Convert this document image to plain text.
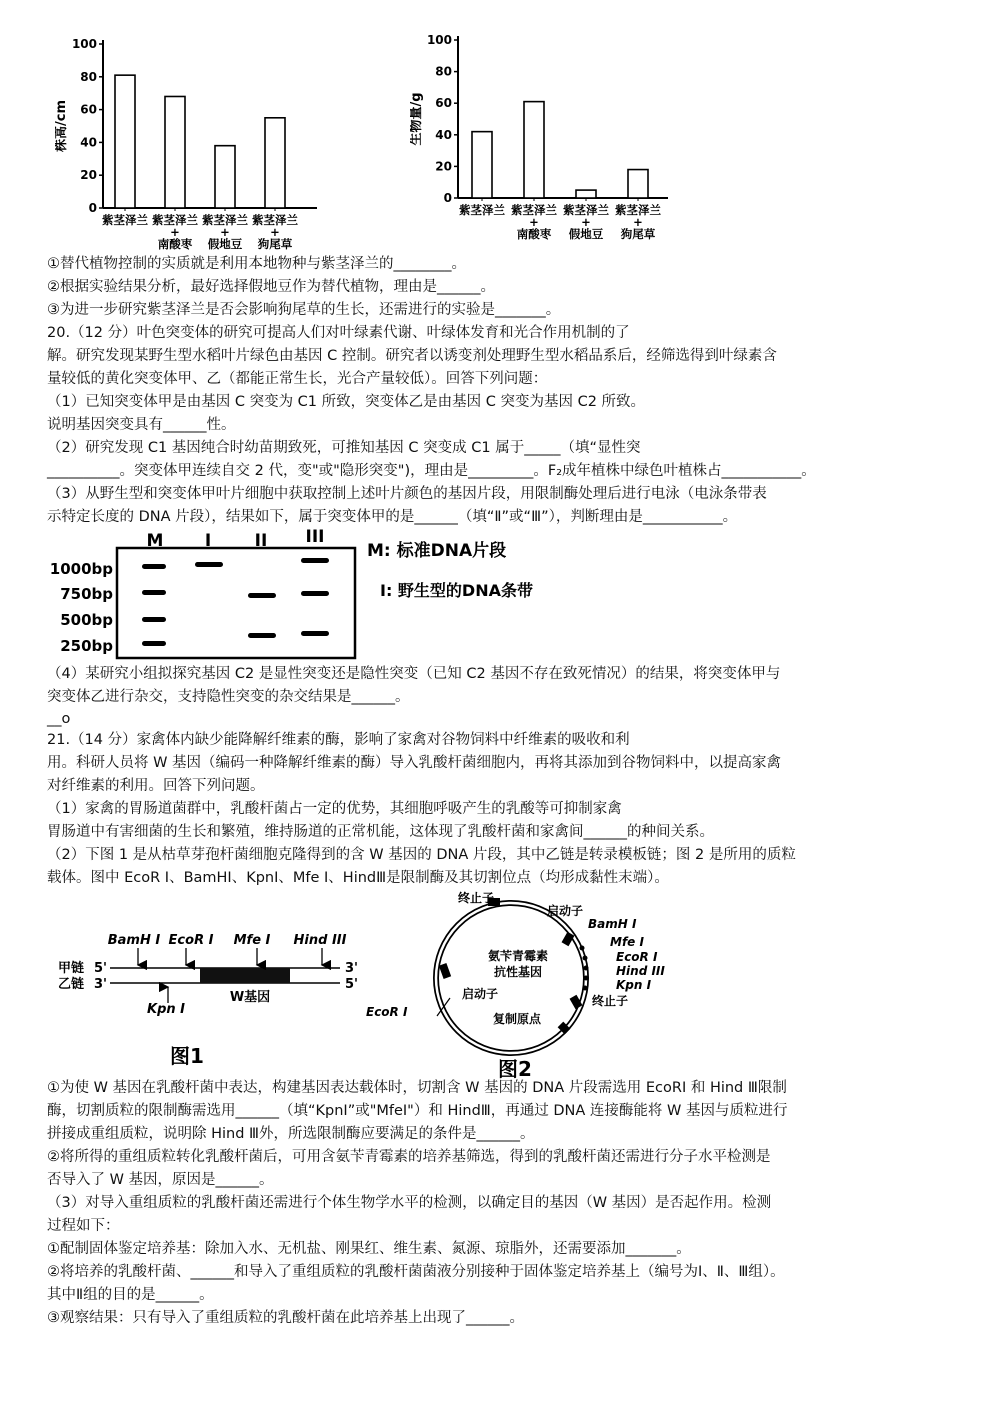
0
20
40
60
80
100
株高/cm
紫茎泽兰 紫茎泽兰
+
南酸枣
紫茎泽兰
+
假地豆
紫茎泽兰
+
狗尾草
0
20
40
60
80
100
生物量/g
紫茎泽兰 紫茎泽兰
+
南酸枣
紫茎泽兰
+
假地豆
紫茎泽兰
+
狗尾草
①替代植物控制的实质就是利用本地物种与紫茎泽兰的________。
②根据实验结果分析，最好选择假地豆作为替代植物，理由是______。
③为进一步研究紫茎泽兰是否会影响狗尾草的生长，还需进行的实验是_______。
20.（12 分）叶色突变体的研究可提高人们对叶绿素代谢、叶绿体发育和光合作用机制的了
解。研究发现某野生型水稻叶片绿色由基因 C 控制。研究者以诱变剂处理野生型水稻品系后，经筛选得到叶绿素含
量较低的黄化突变体甲、乙（都能正常生长，光合产量较低）。回答下列问题：
（1）已知突变体甲是由基因 C 突变为 C1 所致，突变体乙是由基因 C 突变为基因 C2 所致。
说明基因突变具有______性。
（2）研究发现 C1 基因纯合时幼苗期致死，可推知基因 C 突变成 C1 属于_____（填“显性突
__________。突变体甲连续自交 2 代，变"或"隐形突变")，理由是_________。F₂成年植株中绿色叶植株占___________。
（3）从野生型和突变体甲叶片细胞中获取控制上述叶片颜色的基因片段，用限制酶处理后进行电泳（电泳条带表
示特定长度的 DNA 片段），结果如下，属于突变体甲的是______（填“Ⅱ”或“Ⅲ”），判断理由是___________。
M I	II III
1000bp
750bp
500bp
250bp
M: 标准DNA片段
I: 野生型的DNA条带
（4）某研究小组拟探究基因 C2 是显性突变还是隐性突变（已知 C2 基因不存在致死情况）的结果，将突变体甲与
突变体乙进行杂交，支持隐性突变的杂交结果是______。
__o
21.（14 分）家禽体内缺少能降解纤维素的酶，影响了家禽对谷物饲料中纤维素的吸收和利
用。科研人员将 W 基因（编码一种降解纤维素的酶）导入乳酸杆菌细胞内，再将其添加到谷物饲料中，以提高家禽
对纤维素的利用。回答下列问题。
（1）家禽的胃肠道菌群中，乳酸杆菌占一定的优势，其细胞呼吸产生的乳酸等可抑制家禽
胃肠道中有害细菌的生长和繁殖，维持肠道的正常机能，这体现了乳酸杆菌和家禽间______的种间关系。
（2）下图 1 是从枯草芽孢杆菌细胞克隆得到的含 W 基因的 DNA 片段，其中乙链是转录模板链；图 2 是所用的质粒
载体。图中 EcoR I、BamHI、KpnI、Mfe I、HindⅢ是限制酶及其切割位点（均形成黏性末端）。
甲链
乙链
5'
3'
3'
5'
BamH I EcoR I Mfe I Hind III
Kpn I
W基因
图1
终止子
启动子
氨苄青霉素
抗性基因
启动子
BamH I
Mfe I
EcoR I
Hind III
Kpn I
终止子
EcoR I	复制原点
图2
①为使 W 基因在乳酸杆菌中表达，构建基因表达载体时，切割含 W 基因的 DNA 片段需选用 EcoRI 和 Hind Ⅲ限制
酶，切割质粒的限制酶需选用______（填“KpnI”或"MfeI"）和 HindⅢ，再通过 DNA 连接酶能将 W 基因与质粒进行
拼接成重组质粒，说明除 Hind Ⅲ外，所选限制酶应要满足的条件是______。
②将所得的重组质粒转化乳酸杆菌后，可用含氨苄青霉素的培养基筛选，得到的乳酸杆菌还需进行分子水平检测是
否导入了 W 基因，原因是______。
（3）对导入重组质粒的乳酸杆菌还需进行个体生物学水平的检测，以确定目的基因（W 基因）是否起作用。检测
过程如下：
①配制固体鉴定培养基：除加入水、无机盐、刚果红、维生素、氮源、琼脂外，还需要添加_______。
②将培养的乳酸杆菌、______和导入了重组质粒的乳酸杆菌菌液分别接种于固体鉴定培养基上（编号为Ⅰ、Ⅱ、Ⅲ组）。
其中Ⅱ组的目的是______。
③观察结果：只有导入了重组质粒的乳酸杆菌在此培养基上出现了______。
